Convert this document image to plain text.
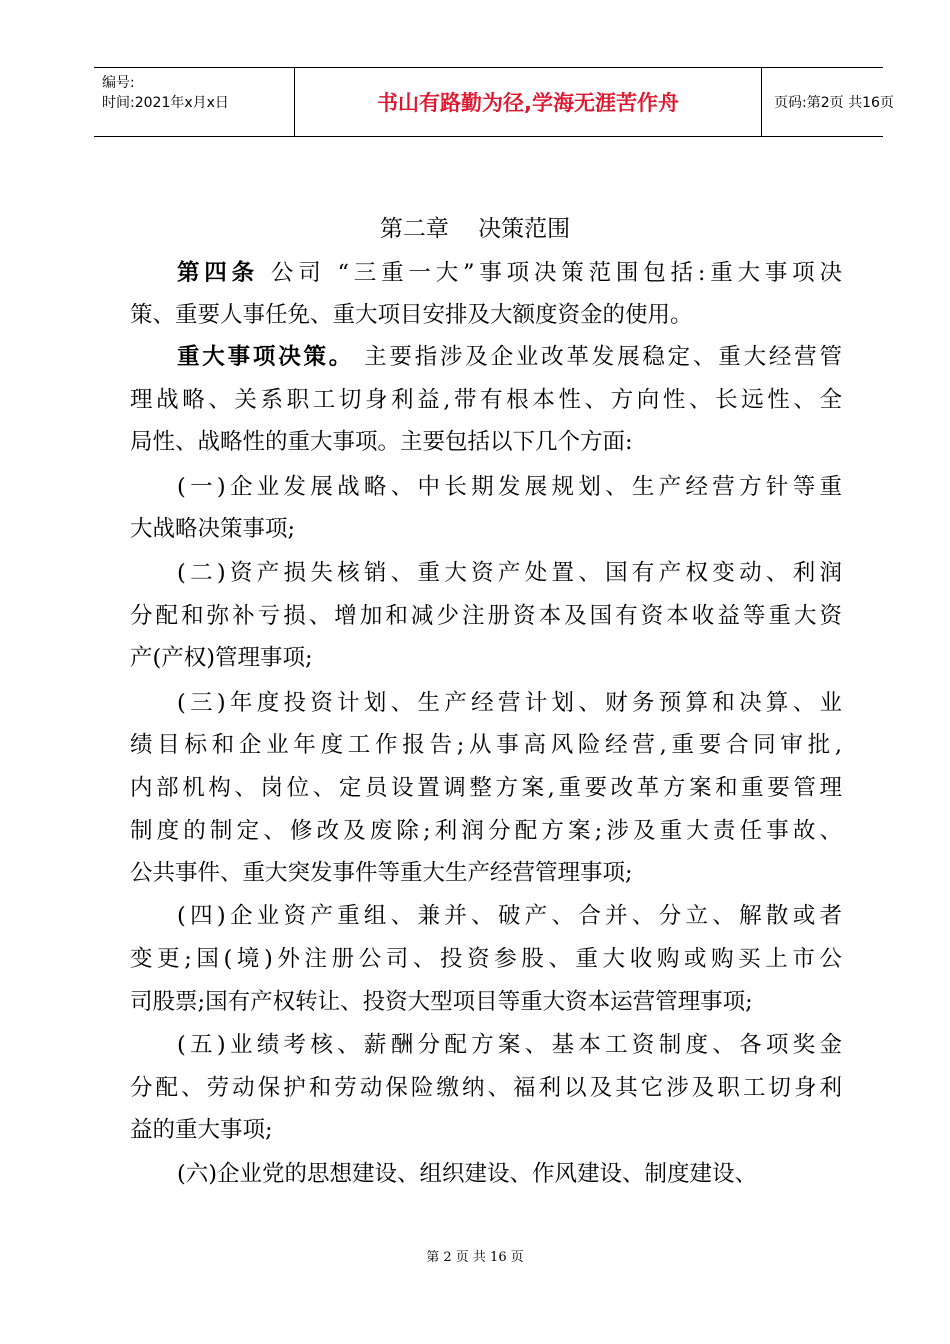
编号:
时间:2021年x月x日	书山有路勤为径,学海无涯苦作舟	页码:第2页 共16页
第二章    决策范围
第四条 公司 “三重一大”事项决策范围包括:重大事项决
策、重要人事任免、重大项目安排及大额度资金的使用。
重大事项决策。 主要指涉及企业改革发展稳定、重大经营管
理战略、关系职工切身利益,带有根本性、方向性、长远性、全
局性、战略性的重大事项。主要包括以下几个方面:
(一)企业发展战略、中长期发展规划、生产经营方针等重
大战略决策事项;
(二)资产损失核销、重大资产处置、国有产权变动、利润
分配和弥补亏损、增加和减少注册资本及国有资本收益等重大资
产(产权)管理事项;
(三)年度投资计划、生产经营计划、财务预算和决算、业
绩目标和企业年度工作报告;从事高风险经营,重要合同审批,
内部机构、岗位、定员设置调整方案,重要改革方案和重要管理
制度的制定、修改及废除;利润分配方案;涉及重大责任事故、
公共事件、重大突发事件等重大生产经营管理事项;
(四)企业资产重组、兼并、破产、合并、分立、解散或者
变更;国(境)外注册公司、投资参股、重大收购或购买上市公
司股票;国有产权转让、投资大型项目等重大资本运营管理事项;
(五)业绩考核、薪酬分配方案、基本工资制度、各项奖金
分配、劳动保护和劳动保险缴纳、福利以及其它涉及职工切身利
益的重大事项;
(六)企业党的思想建设、组织建设、作风建设、制度建设、
第 2 页 共 16 页
